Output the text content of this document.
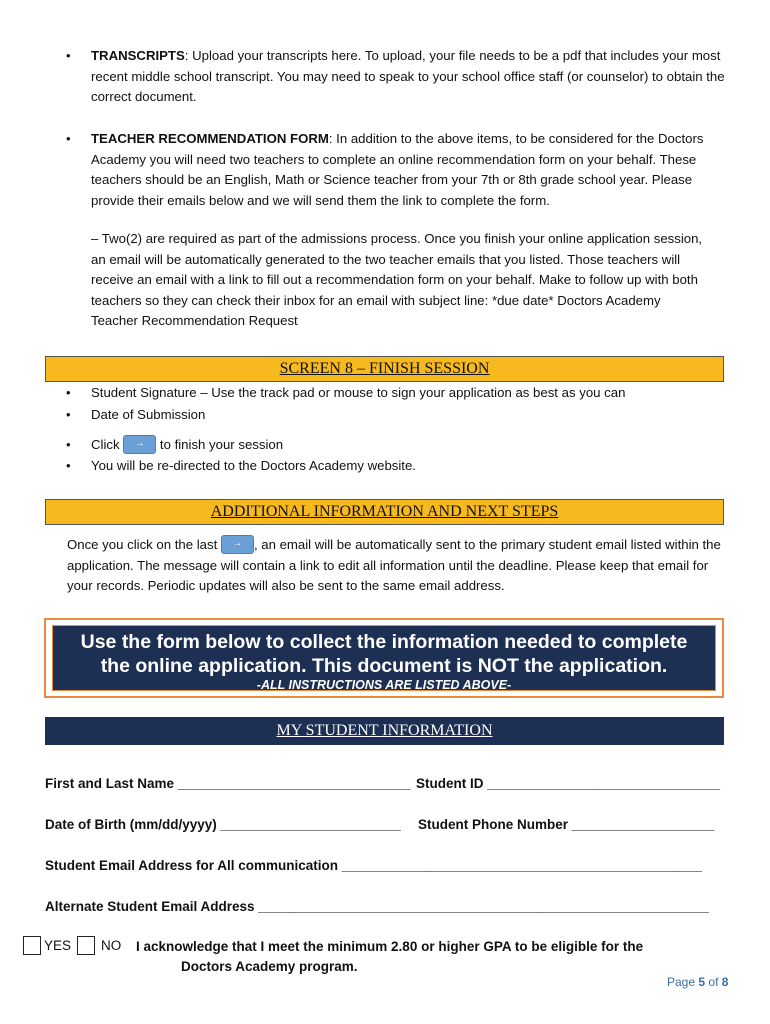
• TRANSCRIPTS: Upload your transcripts here. To upload, your file needs to be a pdf that includes your most recent middle school transcript. You may need to speak to your school office staff (or counselor) to obtain the correct document.
• TEACHER RECOMMENDATION FORM: In addition to the above items, to be considered for the Doctors Academy you will need two teachers to complete an online recommendation form on your behalf. These teachers should be an English, Math or Science teacher from your 7th or 8th grade school year. Please provide their emails below and we will send them the link to complete the form.
– Two(2) are required as part of the admissions process. Once you finish your online application session, an email will be automatically generated to the two teacher emails that you listed. Those teachers will receive an email with a link to fill out a recommendation form on your behalf. Make to follow up with both teachers so they can check their inbox for an email with subject line: *due date* Doctors Academy Teacher Recommendation Request
SCREEN 8 – FINISH SESSION
• Student Signature – Use the track pad or mouse to sign your application as best as you can
• Date of Submission
• Click → to finish your session
• You will be re-directed to the Doctors Academy website.
ADDITIONAL INFORMATION AND NEXT STEPS
Once you click on the last → , an email will be automatically sent to the primary student email listed within the application. The message will contain a link to edit all information until the deadline. Please keep that email for your records. Periodic updates will also be sent to the same email address.
Use the form below to collect the information needed to complete
the online application. This document is NOT the application.
-ALL INSTRUCTIONS ARE LISTED ABOVE-
MY STUDENT INFORMATION
First and Last Name _______________________________ Student ID _______________________________
Date of Birth (mm/dd/yyyy) ________________________ Student Phone Number ___________________
Student Email Address for All communication ________________________________________________
Alternate Student Email Address ____________________________________________________________
YES NO I acknowledge that I meet the minimum 2.80 or higher GPA to be eligible for the
Doctors Academy program.
Page 5 of 8
